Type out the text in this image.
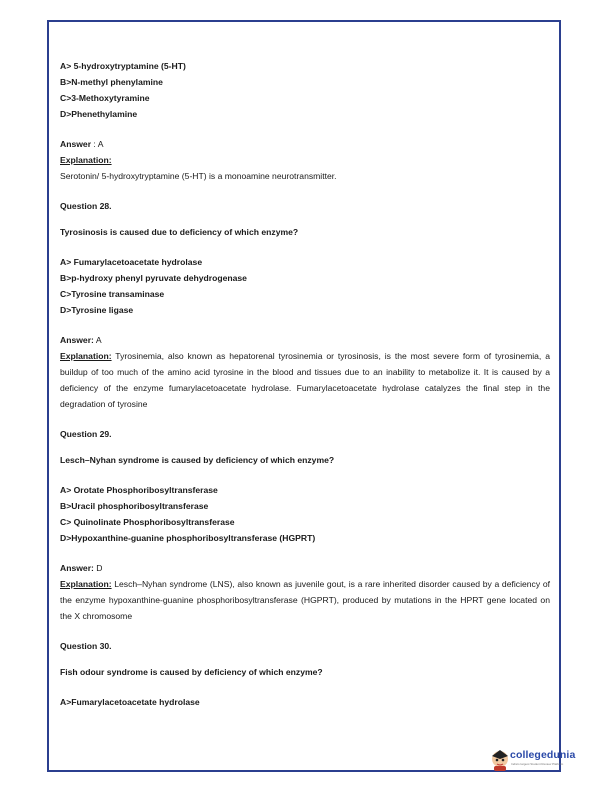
A> 5-hydroxytryptamine (5-HT)
B>N-methyl phenylamine
C>3-Methoxytyramine
D>Phenethylamine
Answer : A
Explanation:
Serotonin/ 5-hydroxytryptamine (5-HT) is a monoamine neurotransmitter.
Question 28.
Tyrosinosis is caused due to deficiency of which enzyme?
A> Fumarylacetoacetate hydrolase
B>p-hydroxy phenyl pyruvate dehydrogenase
C>Tyrosine transaminase
D>Tyrosine ligase
Answer: A
Explanation: Tyrosinemia, also known as hepatorenal tyrosinemia or tyrosinosis, is the most severe form of tyrosinemia, a buildup of too much of the amino acid tyrosine in the blood and tissues due to an inability to metabolize it. It is caused by a deficiency of the enzyme fumarylacetoacetate hydrolase. Fumarylacetoacetate hydrolase catalyzes the final step in the degradation of tyrosine
Question 29.
Lesch–Nyhan syndrome is caused by deficiency of which enzyme?
A> Orotate Phosphoribosyltransferase
B>Uracil phosphoribosyltransferase
C> Quinolinate Phosphoribosyltransferase
D>Hypoxanthine-guanine phosphoribosyltransferase (HGPRT)
Answer: D
Explanation: Lesch–Nyhan syndrome (LNS), also known as juvenile gout, is a rare inherited disorder caused by a deficiency of the enzyme hypoxanthine-guanine phosphoribosyltransferase (HGPRT), produced by mutations in the HPRT gene located on the X chromosome
Question 30.
Fish odour syndrome is caused by deficiency of which enzyme?
A>Fumarylacetoacetate hydrolase
collegedunia
India's largest Student Review Platform
